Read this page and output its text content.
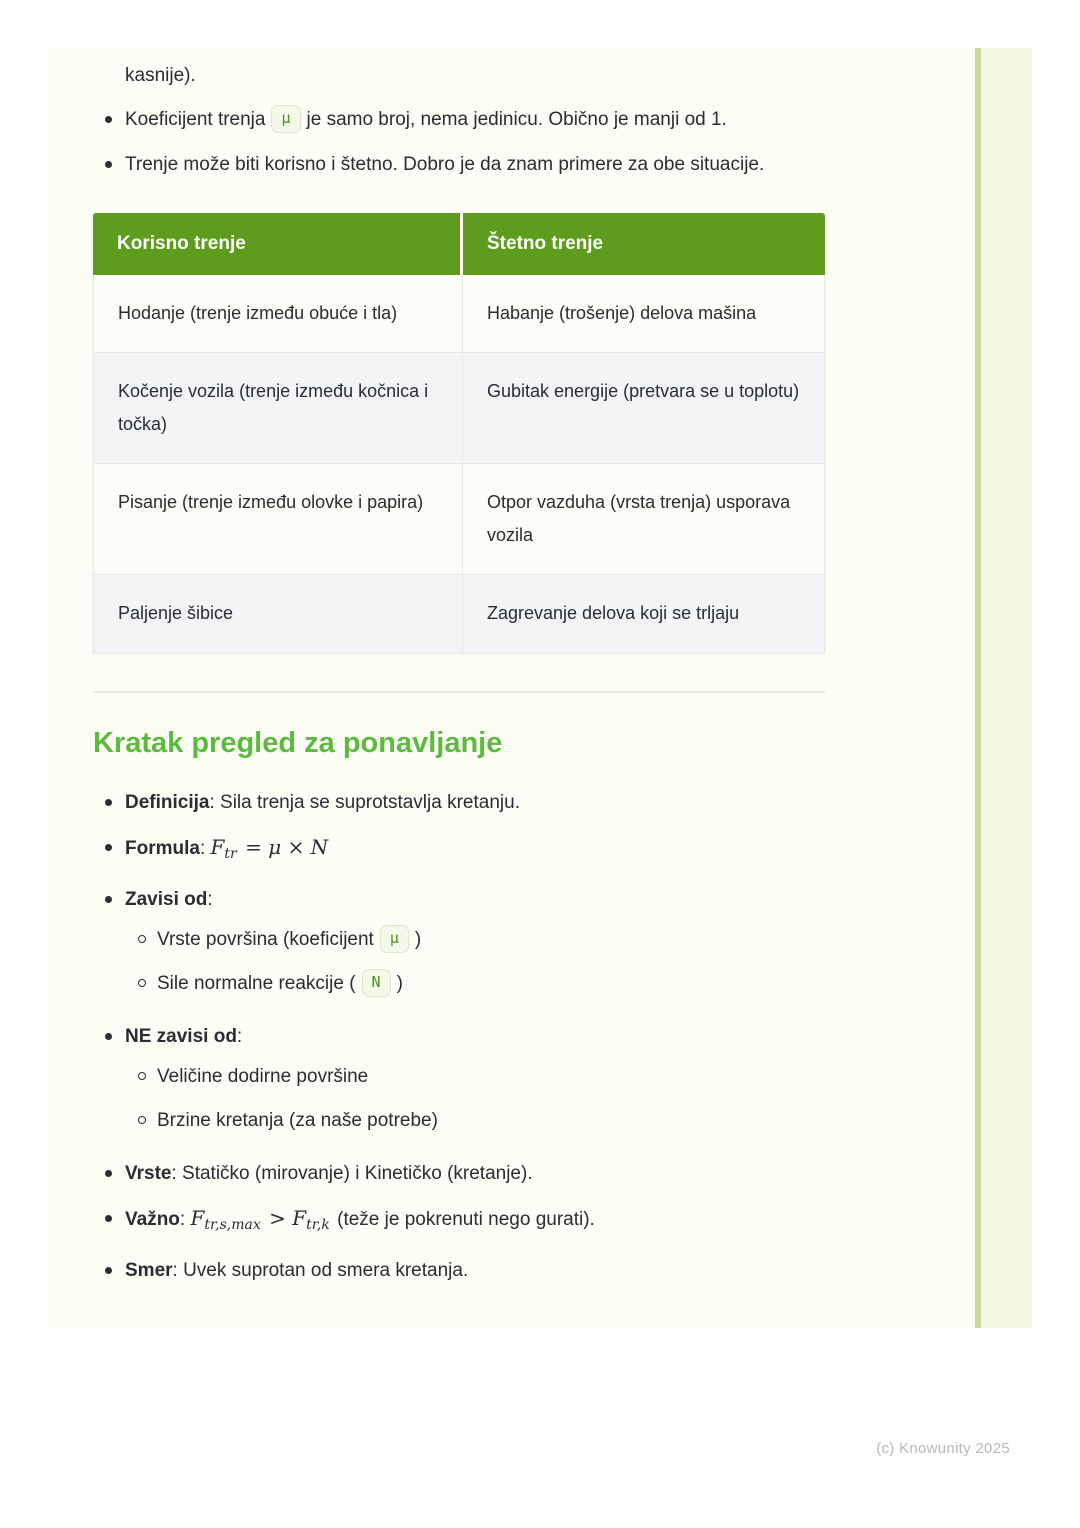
kasnije).

Koeficijent trenja μ je samo broj, nema jedinicu. Obično je manji od 1.
Trenje može biti korisno i štetno. Dobro je da znam primere za obe situacije.
Korisno trenje	Štetno trenje
Hodanje (trenje između obuće i tla)	Habanje (trošenje) delova mašina
Kočenje vozila (trenje između kočnica i točka)	Gubitak energije (pretvara se u toplotu)
Pisanje (trenje između olovke i papira)	Otpor vazduha (vrsta trenja) usporava vozila
Paljenje šibice	Zagrevanje delova koji se trljaju
Kratak pregled za ponavljanje
Definicija: Sila trenja se suprotstavlja kretanju.
Formula: $F_{tr} = \mu \times N$
Zavisi od:
Vrste površina (koeficijent μ )
Sile normalne reakcije ( N )
NE zavisi od:
Veličine dodirne površine
Brzine kretanja (za naše potrebe)
Vrste: Statičko (mirovanje) i Kinetičko (kretanje).
Važno: $F_{tr,s,max} > F_{tr,k}$ (teže je pokrenuti nego gurati).
Smer: Uvek suprotan od smera kretanja.
(c) Knowunity 2025
